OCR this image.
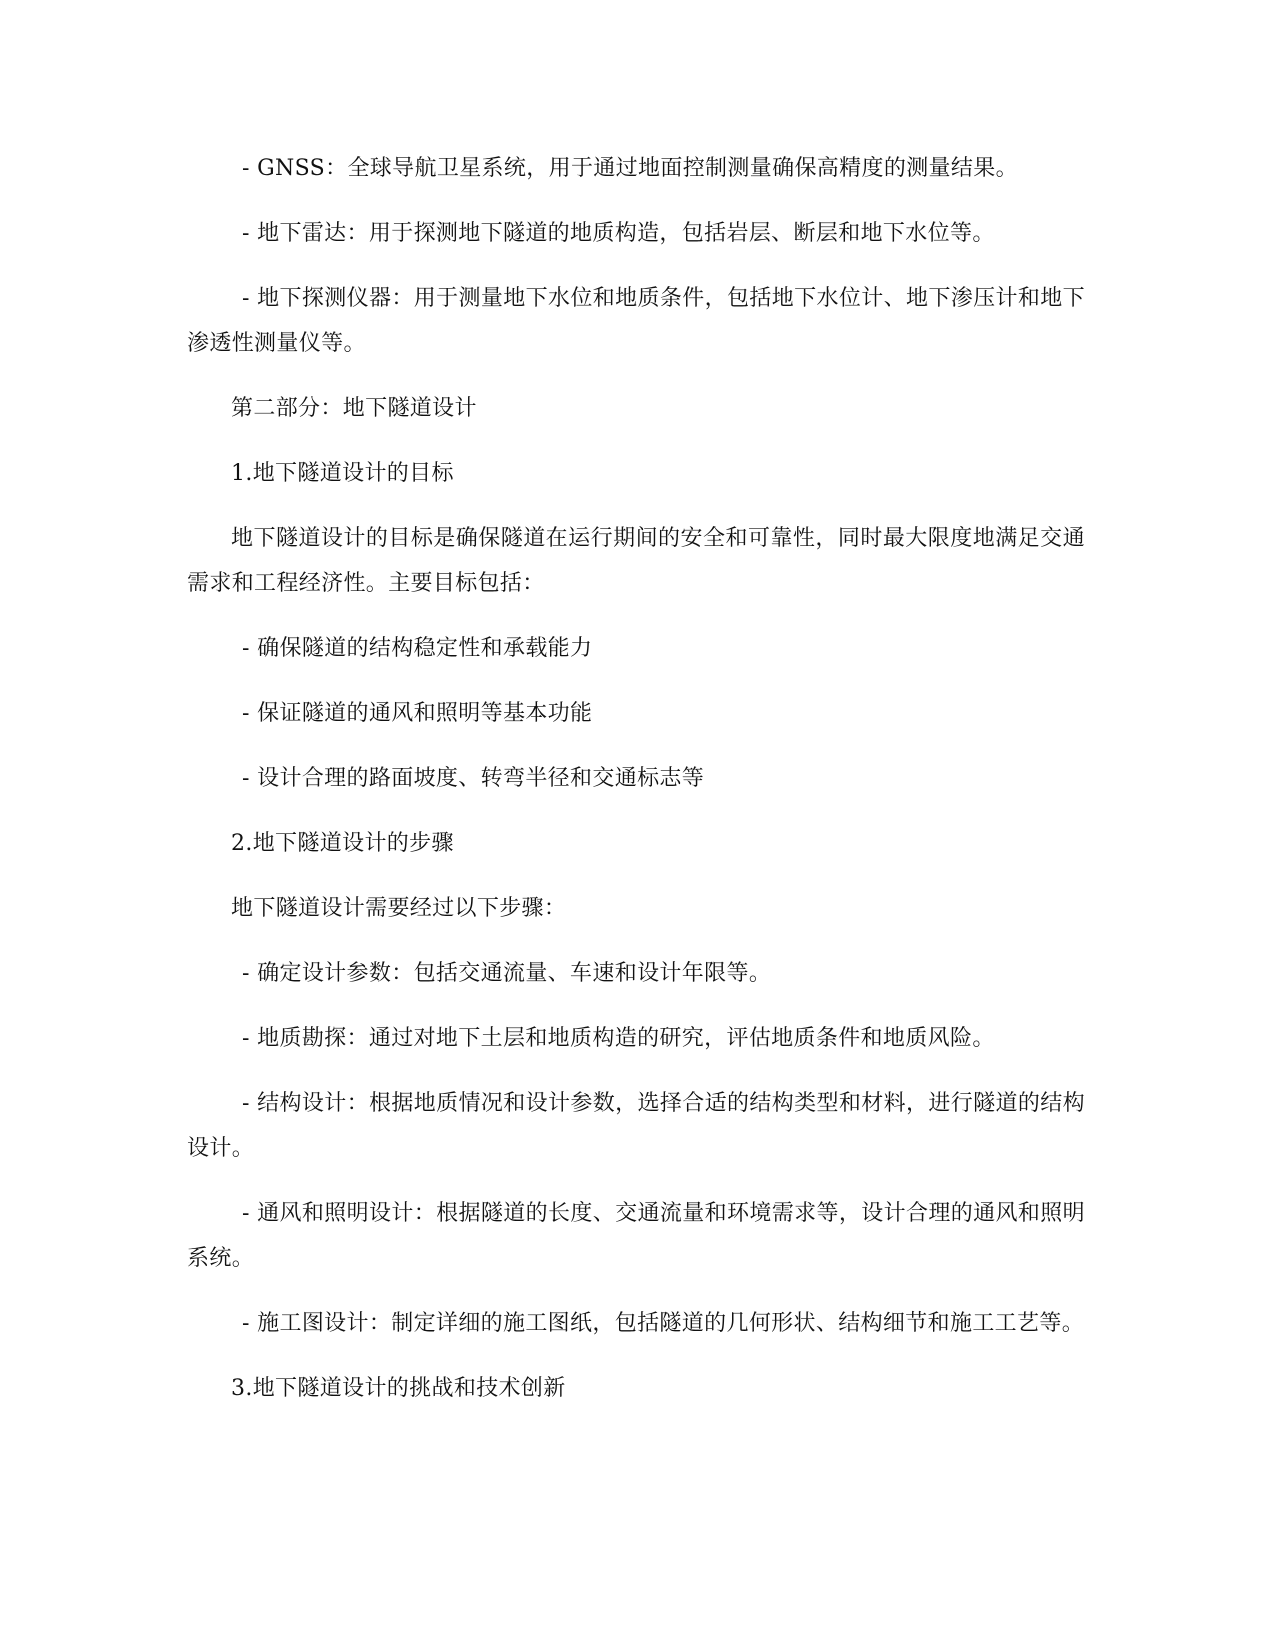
- GNSS：全球导航卫星系统，用于通过地面控制测量确保高精度的测量结果。

- 地下雷达：用于探测地下隧道的地质构造，包括岩层、断层和地下水位等。

- 地下探测仪器：用于测量地下水位和地质条件，包括地下水位计、地下渗压计和地下渗透性测量仪等。

第二部分：地下隧道设计

1.地下隧道设计的目标

地下隧道设计的目标是确保隧道在运行期间的安全和可靠性，同时最大限度地满足交通需求和工程经济性。主要目标包括：

- 确保隧道的结构稳定性和承载能力

- 保证隧道的通风和照明等基本功能

- 设计合理的路面坡度、转弯半径和交通标志等

2.地下隧道设计的步骤

地下隧道设计需要经过以下步骤：

- 确定设计参数：包括交通流量、车速和设计年限等。

- 地质勘探：通过对地下土层和地质构造的研究，评估地质条件和地质风险。

- 结构设计：根据地质情况和设计参数，选择合适的结构类型和材料，进行隧道的结构设计。

- 通风和照明设计：根据隧道的长度、交通流量和环境需求等，设计合理的通风和照明系统。

- 施工图设计：制定详细的施工图纸，包括隧道的几何形状、结构细节和施工工艺等。

3.地下隧道设计的挑战和技术创新
